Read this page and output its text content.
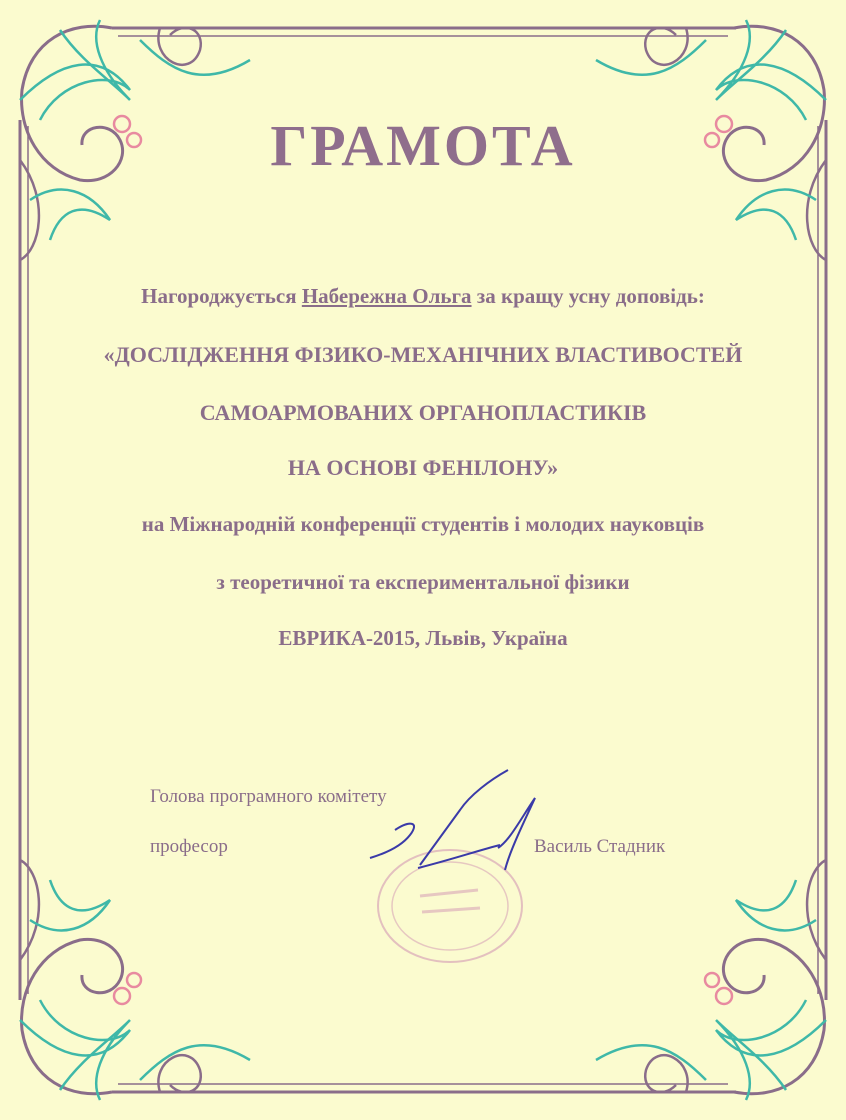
ГРАМОТА
Нагороджується Набережна Ольга за кращу усну доповідь:
«ДОСЛІДЖЕННЯ ФІЗИКО-МЕХАНІЧНИХ ВЛАСТИВОСТЕЙ
САМОАРМОВАНИХ ОРГАНОПЛАСТИКІВ
НА ОСНОВІ ФЕНІЛОНУ»
на Міжнародній конференції студентів і молодих науковців
з теоретичної та експериментальної фізики
ЕВРИКА-2015, Львів, Україна
Голова програмного комітету
професор	Василь Стадник
